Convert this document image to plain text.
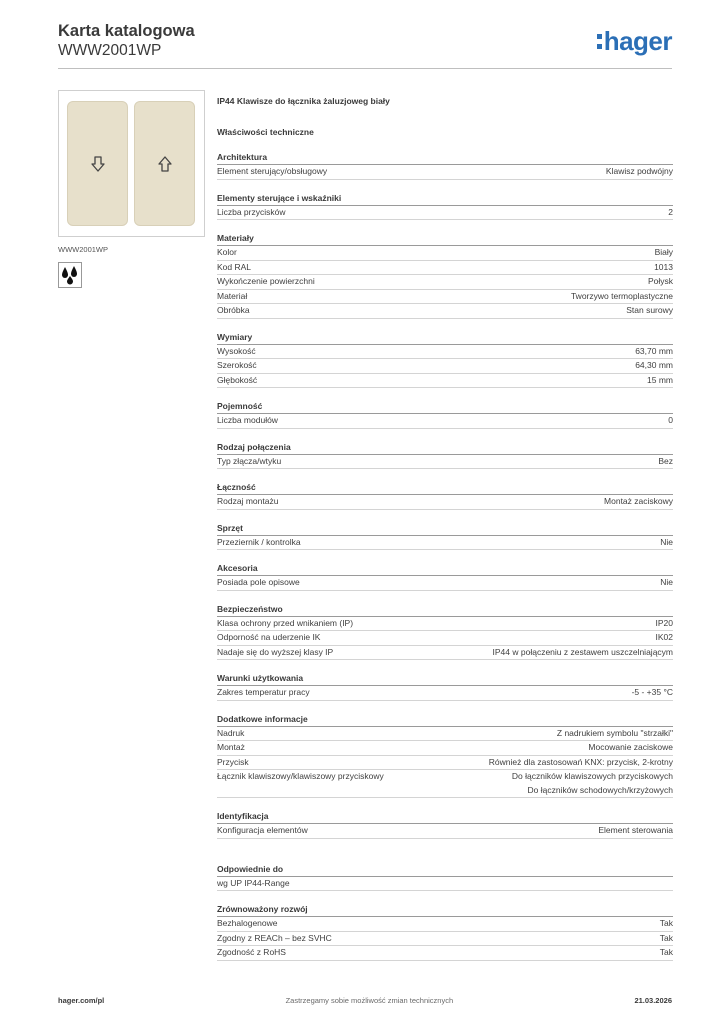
Karta katalogowa
WWW2001WP	hager
WWW2001WP
IP44 Klawisze do łącznika żaluzjoweg biały
Właściwości techniczne
Architektura
Element sterujący/obsługowy	Klawisz podwójny
Elementy sterujące i wskaźniki
Liczba przycisków	2
Materiały
Kolor	Biały
Kod RAL	1013
Wykończenie powierzchni	Połysk
Materiał	Tworzywo termoplastyczne
Obróbka	Stan surowy
Wymiary
Wysokość	63,70 mm
Szerokość	64,30 mm
Głębokość	15 mm
Pojemność
Liczba modułów	0
Rodzaj połączenia
Typ złącza/wtyku	Bez
Łączność
Rodzaj montażu	Montaż zaciskowy
Sprzęt
Przeziernik / kontrolka	Nie
Akcesoria
Posiada pole opisowe	Nie
Bezpieczeństwo
Klasa ochrony przed wnikaniem (IP)	IP20
Odporność na uderzenie IK	IK02
Nadaje się do wyższej klasy IP	IP44 w połączeniu z zestawem uszczelniającym
Warunki użytkowania
Zakres temperatur pracy	-5 - +35 °C
Dodatkowe informacje
Nadruk	Z nadrukiem symbolu "strzałki"
Montaż	Mocowanie zaciskowe
Przycisk	Również dla zastosowań KNX: przycisk, 2-krotny
Łącznik klawiszowy/klawiszowy przyciskowy	Do łączników klawiszowych przyciskowych
Do łączników schodowych/krzyżowych
Identyfikacja
Konfiguracja elementów	Element sterowania
Odpowiednie do
wg UP IP44-Range
Zrównoważony rozwój
Bezhalogenowe	Tak
Zgodny z REACh – bez SVHC	Tak
Zgodność z RoHS	Tak
hager.com/pl	Zastrzegamy sobie możliwość zmian technicznych	21.03.2026
